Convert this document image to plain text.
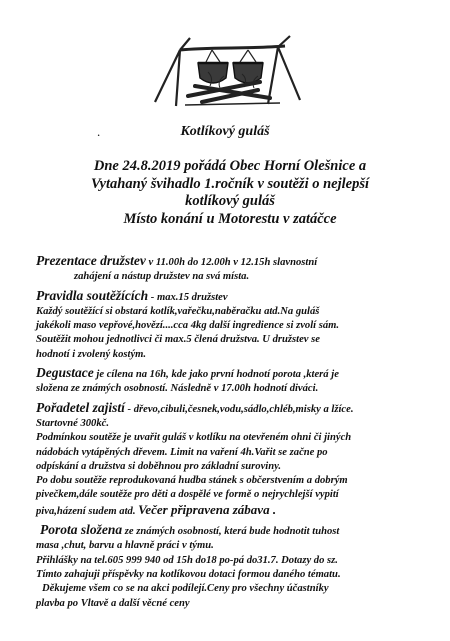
.	Kotlíkový guláš
Dne 24.8.2019 pořádá Obec Horní Olešnice a
Vytahaný švihadlo 1.ročník v soutěži o nejlepší
kotlíkový guláš
Místo konání u Motorestu v zatáčce
Prezentace družstev v 11.00h do 12.00h v 12.15h slavnostní
zahájení a nástup družstev na svá místa.
Pravidla soutěžících - max.15 družstev
Každý soutěžící si obstará kotlík,vařečku,naběračku atd.Na guláš
jakékoli maso vepřové,hovězí....cca 4kg další ingredience si zvolí sám.
Soutěžit mohou jednotlivci či max.5 člená družstva. U družstev se
hodnotí i zvolený kostým.
Degustace je cílena na 16h, kde jako první hodnotí porota ,která je
složena ze známých osobností. Následně v 17.00h hodnotí diváci.
Pořadetel zajistí - dřevo,cibuli,česnek,vodu,sádlo,chléb,misky a lžíce.
Startovné 300kč.
Podmínkou soutěže je uvařit guláš v kotlíku na otevřeném ohni či jiných
nádobách vytápěných dřevem. Limit na vaření 4h.Vařit se začne po
odpískání a družstva si doběhnou pro základní suroviny.
Po dobu soutěže reprodukovaná hudba stánek s občerstvením a dobrým
pivečkem,dále soutěže pro děti a dospělé ve formě o nejrychlejší vypití
piva,házení sudem atd. Večer připravena zábava .
Porota složena ze známých osobností, která bude hodnotit tuhost
masa ,chut, barvu a hlavně práci v týmu.
Přihlášky na tel.605 999 940 od 15h do18 po-pá do31.7. Dotazy do sz.
Tímto zahajuji příspěvky na kotlíkovou dotaci formou daného tématu.
Děkujeme všem co se na akci podílejí.Ceny pro všechny účastníky
plavba po Vltavě a další věcné ceny
